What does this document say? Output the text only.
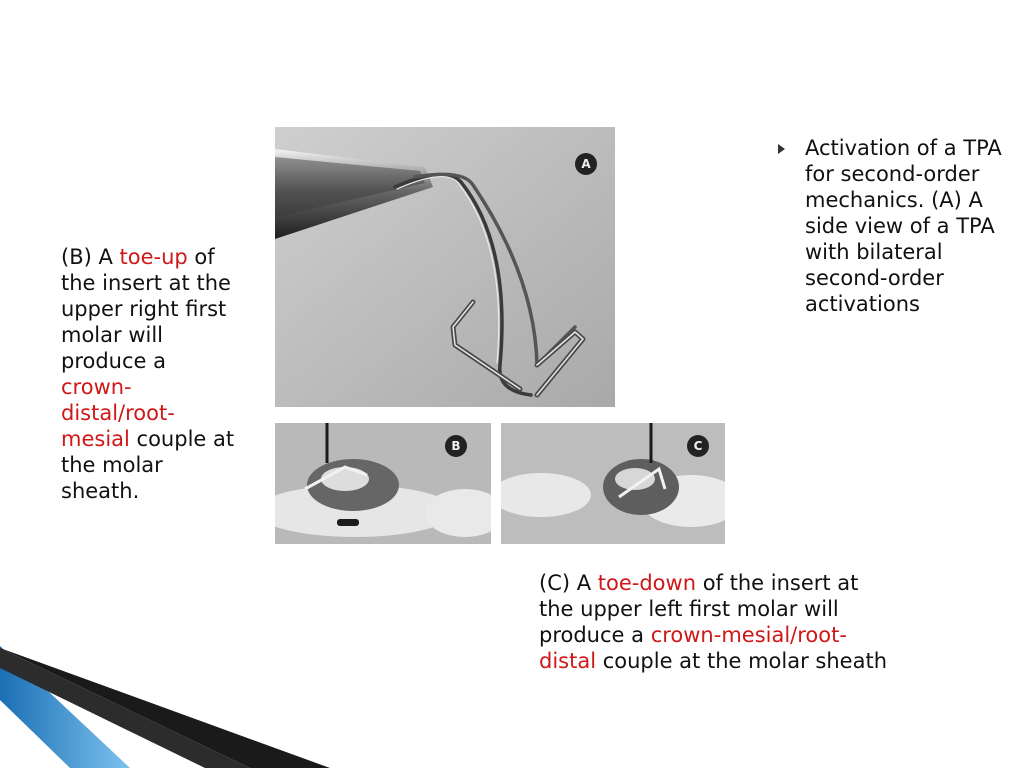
A
B	C

(B) A toe-up of the insert at the upper right first molar will produce a crown-distal/root-mesial couple at the molar sheath.

(C) A toe-down of the insert at the upper left first molar will produce a crown-mesial/root-distal couple at the molar sheath

Activation of a TPA for second-order mechanics. (A) A side view of a TPA with bilateral second-order activations
